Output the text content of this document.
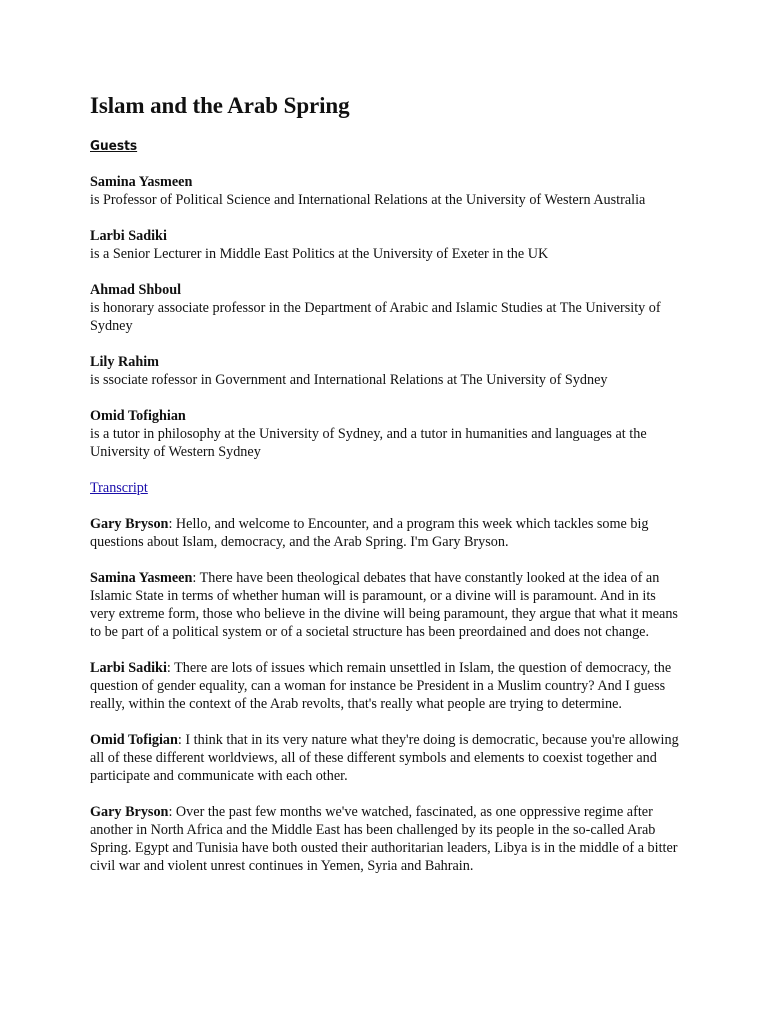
Islam and the Arab Spring
Guests
Samina Yasmeen
is Professor of Political Science and International Relations at the University of Western Australia
Larbi Sadiki
is a Senior Lecturer in Middle East Politics at the University of Exeter in the UK
Ahmad Shboul
is honorary associate professor in the Department of Arabic and Islamic Studies at The University of Sydney
Lily Rahim
is ssociate rofessor in Government and International Relations at The University of Sydney
Omid Tofighian
is a tutor in philosophy at the University of Sydney, and a tutor in humanities and languages at the University of Western Sydney
Transcript

Gary Bryson: Hello, and welcome to Encounter, and a program this week which tackles some big questions about Islam, democracy, and the Arab Spring. I'm Gary Bryson.

Samina Yasmeen: There have been theological debates that have constantly looked at the idea of an Islamic State in terms of whether human will is paramount, or a divine will is paramount. And in its very extreme form, those who believe in the divine will being paramount, they argue that what it means to be part of a political system or of a societal structure has been preordained and does not change.

Larbi Sadiki: There are lots of issues which remain unsettled in Islam, the question of democracy, the question of gender equality, can a woman for instance be President in a Muslim country? And I guess really, within the context of the Arab revolts, that's really what people are trying to determine.

Omid Tofigian: I think that in its very nature what they're doing is democratic, because you're allowing all of these different worldviews, all of these different symbols and elements to coexist together and participate and communicate with each other.

Gary Bryson: Over the past few months we've watched, fascinated, as one oppressive regime after another in North Africa and the Middle East has been challenged by its people in the so-called Arab Spring. Egypt and Tunisia have both ousted their authoritarian leaders, Libya is in the middle of a bitter civil war and violent unrest continues in Yemen, Syria and Bahrain.
